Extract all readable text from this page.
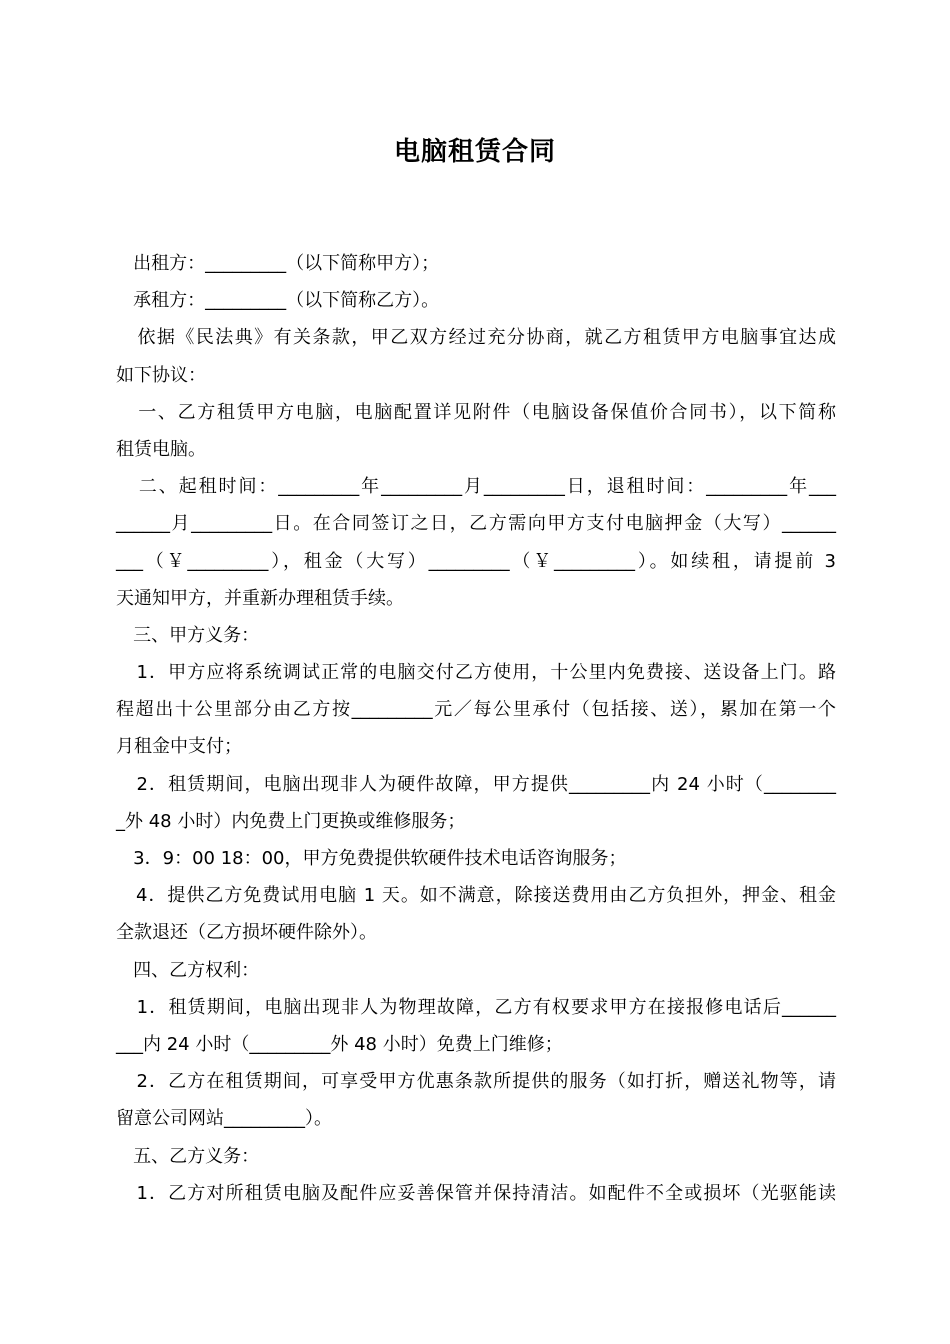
电脑租赁合同
出租方：_________（以下简称甲方）；
承租方：_________（以下简称乙方）。
依据《民法典》有关条款，甲乙双方经过充分协商，就乙方租赁甲方电脑事宜达成
如下协议：
一、乙方租赁甲方电脑，电脑配置详见附件（电脑设备保值价合同书），以下简称
租赁电脑。
二、起租时间：_________年_________月_________日，退租时间：_________年___
______月_________日。在合同签订之日，乙方需向甲方支付电脑押金（大写）______
___（￥_________），租金（大写）_________（￥_________）。如续租，请提前 3
天通知甲方，并重新办理租赁手续。
三、甲方义务：
1．甲方应将系统调试正常的电脑交付乙方使用，十公里内免费接、送设备上门。路
程超出十公里部分由乙方按_________元／每公里承付（包括接、送），累加在第一个
月租金中支付；
2．租赁期间，电脑出现非人为硬件故障，甲方提供_________内 24 小时（________
_外 48 小时）内免费上门更换或维修服务；
3．9：00 18：00，甲方免费提供软硬件技术电话咨询服务；
4．提供乙方免费试用电脑 1 天。如不满意，除接送费用由乙方负担外，押金、租金
全款退还（乙方损坏硬件除外）。
四、乙方权利：
1．租赁期间，电脑出现非人为物理故障，乙方有权要求甲方在接报修电话后______
___内 24 小时（_________外 48 小时）免费上门维修；
2．乙方在租赁期间，可享受甲方优惠条款所提供的服务（如打折，赠送礼物等，请
留意公司网站_________）。
五、乙方义务：
1．乙方对所租赁电脑及配件应妥善保管并保持清洁。如配件不全或损坏（光驱能读
